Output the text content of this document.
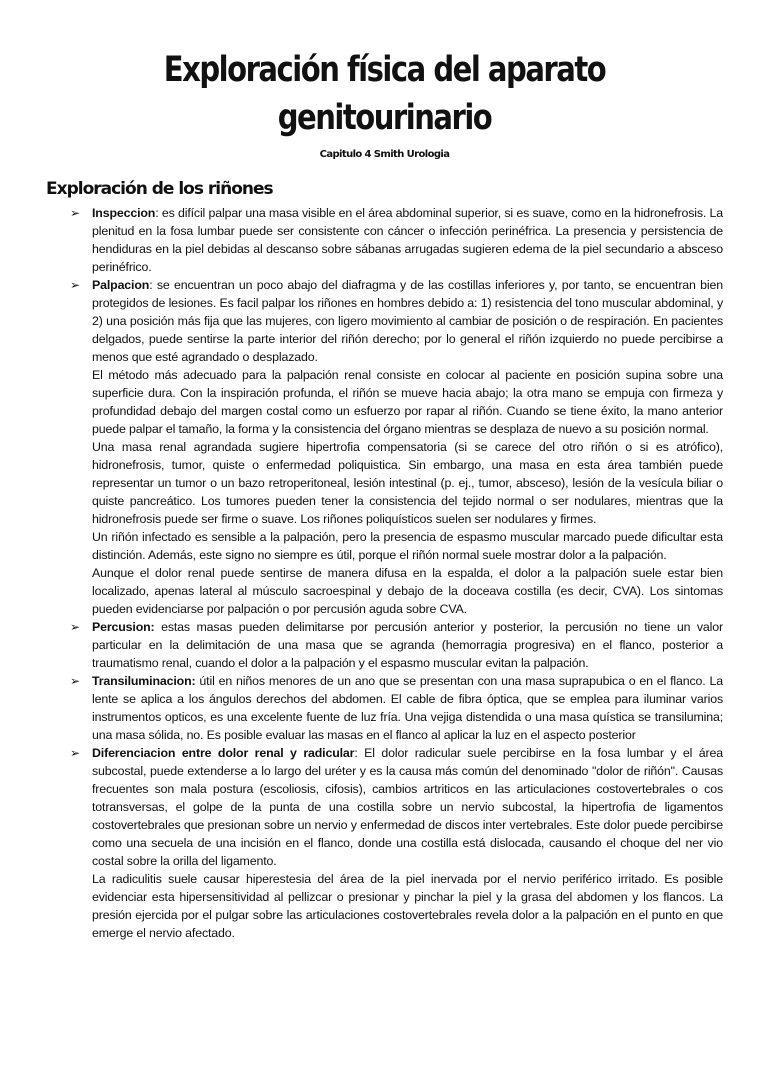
Exploración física del aparato genitourinario
Capitulo 4 Smith Urologia
Exploración de los riñones
➢ Inspeccion: es difícil palpar una masa visible en el área abdominal superior, si es suave, como en la hidronefrosis. La plenitud en la fosa lumbar puede ser consistente con cáncer o infección perinéfrica. La presencia y persistencia de hendiduras en la piel debidas al descanso sobre sábanas arrugadas sugieren edema de la piel secundario a absceso perinéfrico.

➢ Palpacion: se encuentran un poco abajo del diafragma y de las costillas inferiores y, por tanto, se encuentran bien protegidos de lesiones. Es facil palpar los riñones en hombres debido a: 1) resistencia del tono muscular abdominal, y 2) una posición más fija que las mujeres, con ligero movimiento al cambiar de posición o de respiración. En pacientes delgados, puede sentirse la parte interior del riñón derecho; por lo general el riñón izquierdo no puede percibirse a menos que esté agrandado o desplazado.

El método más adecuado para la palpación renal consiste en colocar al paciente en posición supina sobre una superficie dura. Con la inspiración profunda, el riñón se mueve hacia abajo; la otra mano se empuja con firmeza y profundidad debajo del margen costal como un esfuerzo por rapar al riñón. Cuando se tiene éxito, la mano anterior puede palpar el tamaño, la forma y la consistencia del órgano mientras se desplaza de nuevo a su posición normal.

Una masa renal agrandada sugiere hipertrofia compensatoria (si se carece del otro riñón o si es atrófico), hidronefrosis, tumor, quiste o enfermedad poliquistica. Sin embargo, una masa en esta área también puede representar un tumor o un bazo retroperitoneal, lesión intestinal (p. ej., tumor, absceso), lesión de la vesícula biliar o quiste pancreático. Los tumores pueden tener la consistencia del tejido normal o ser nodulares, mientras que la hidronefrosis puede ser firme o suave. Los riñones poliquísticos suelen ser nodulares y firmes.

Un riñón infectado es sensible a la palpación, pero la presencia de espasmo muscular marcado puede dificultar esta distinción. Además, este signo no siempre es útil, porque el riñón normal suele mostrar dolor a la palpación.

Aunque el dolor renal puede sentirse de manera difusa en la espalda, el dolor a la palpación suele estar bien localizado, apenas lateral al músculo sacroespinal y debajo de la doceava costilla (es decir, CVA). Los sintomas pueden evidenciarse por palpación o por percusión aguda sobre CVA.

➢ Percusion: estas masas pueden delimitarse por percusión anterior y posterior, la percusión no tiene un valor particular en la delimitación de una masa que se agranda (hemorragia progresiva) en el flanco, posterior a traumatismo renal, cuando el dolor a la palpación y el espasmo muscular evitan la palpación.

➢ Transiluminacion: útil en niños menores de un ano que se presentan con una masa suprapubica o en el flanco. La lente se aplica a los ángulos derechos del abdomen. El cable de fibra óptica, que se emplea para iluminar varios instrumentos opticos, es una excelente fuente de luz fría. Una vejiga distendida o una masa quística se transilumina; una masa sólida, no. Es posible evaluar las masas en el flanco al aplicar la luz en el aspecto posterior

➢ Diferenciacion entre dolor renal y radicular: El dolor radicular suele percibirse en la fosa lumbar y el área subcostal, puede extenderse a lo largo del uréter y es la causa más común del denominado "dolor de riñón". Causas frecuentes son mala postura (escoliosis, cifosis), cambios artriticos en las articulaciones costovertebrales o cos totransversas, el golpe de la punta de una costilla sobre un nervio subcostal, la hipertrofia de ligamentos costovertebrales que presionan sobre un nervio y enfermedad de discos inter vertebrales. Este dolor puede percibirse como una secuela de una incisión en el flanco, donde una costilla está dislocada, causando el choque del ner vio costal sobre la orilla del ligamento.

La radiculitis suele causar hiperestesia del área de la piel inervada por el nervio periférico irritado. Es posible evidenciar esta hipersensitividad al pellizcar o presionar y pinchar la piel y la grasa del abdomen y los flancos. La presión ejercida por el pulgar sobre las articulaciones costovertebrales revela dolor a la palpación en el punto en que emerge el nervio afectado.
